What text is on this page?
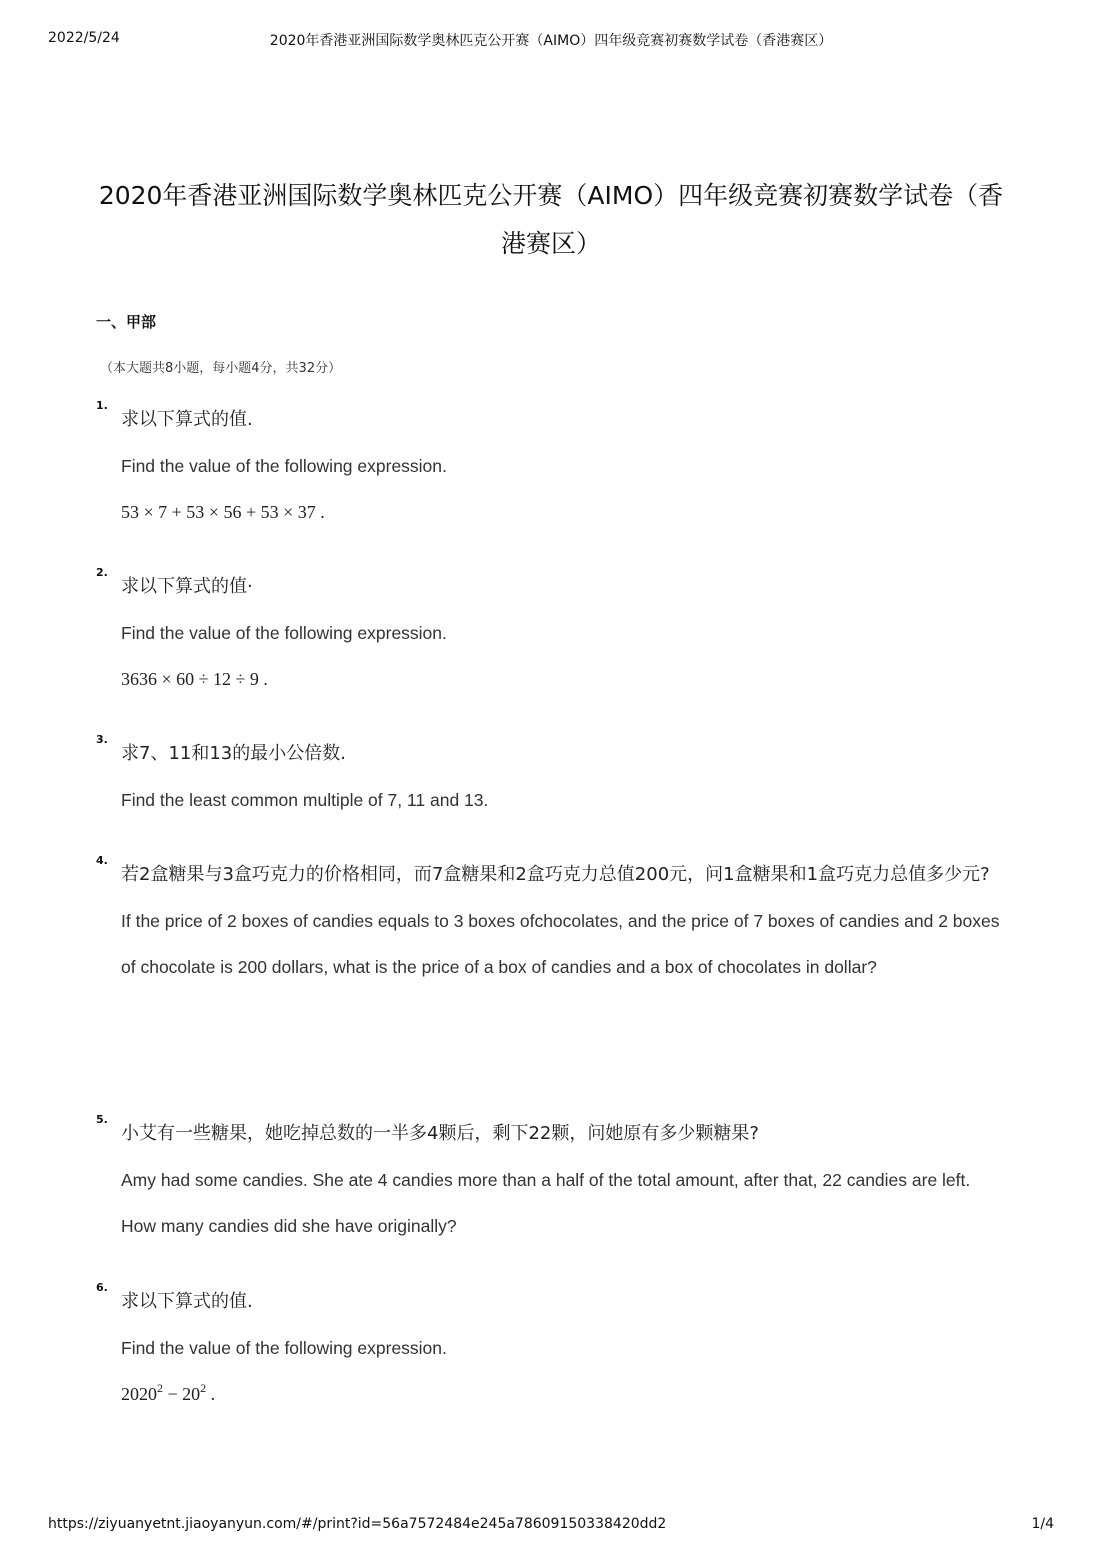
2022/5/24	2020年香港亚洲国际数学奥林匹克公开赛（AIMO）四年级竞赛初赛数学试卷（香港赛区）
2020年香港亚洲国际数学奥林匹克公开赛（AIMO）四年级竞赛初赛数学试卷（香港赛区）
一、甲部
（本大题共8小题，每小题4分，共32分）
1.

求以下算式的值.

Find the value of the following expression.

53 × 7 + 53 × 56 + 53 × 37 .

2.

求以下算式的值·

Find the value of the following expression.

3636 × 60 ÷ 12 ÷ 9 .

3.

求7、11和13的最小公倍数.

Find the least common multiple of 7, 11 and 13.

4.

若2盒糖果与3盒巧克力的价格相同，而7盒糖果和2盒巧克力总值200元，问1盒糖果和1盒巧克力总值多少元?

If the price of 2 boxes of candies equals to 3 boxes ofchocolates, and the price of 7 boxes of candies and 2 boxes of chocolate is 200 dollars, what is the price of a box of candies and a box of chocolates in dollar?

5.

小艾有一些糖果，她吃掉总数的一半多4颗后，剩下22颗，问她原有多少颗糖果?

Amy had some candies. She ate 4 candies more than a half of the total amount, after that, 22 candies are left. How many candies did she have originally?

6.

求以下算式的值.

Find the value of the following expression.

$2020^2 - 20^2$ .

https://ziyuanyetnt.jiaoyanyun.com/#/print?id=56a7572484e245a78609150338420dd2	1/4
